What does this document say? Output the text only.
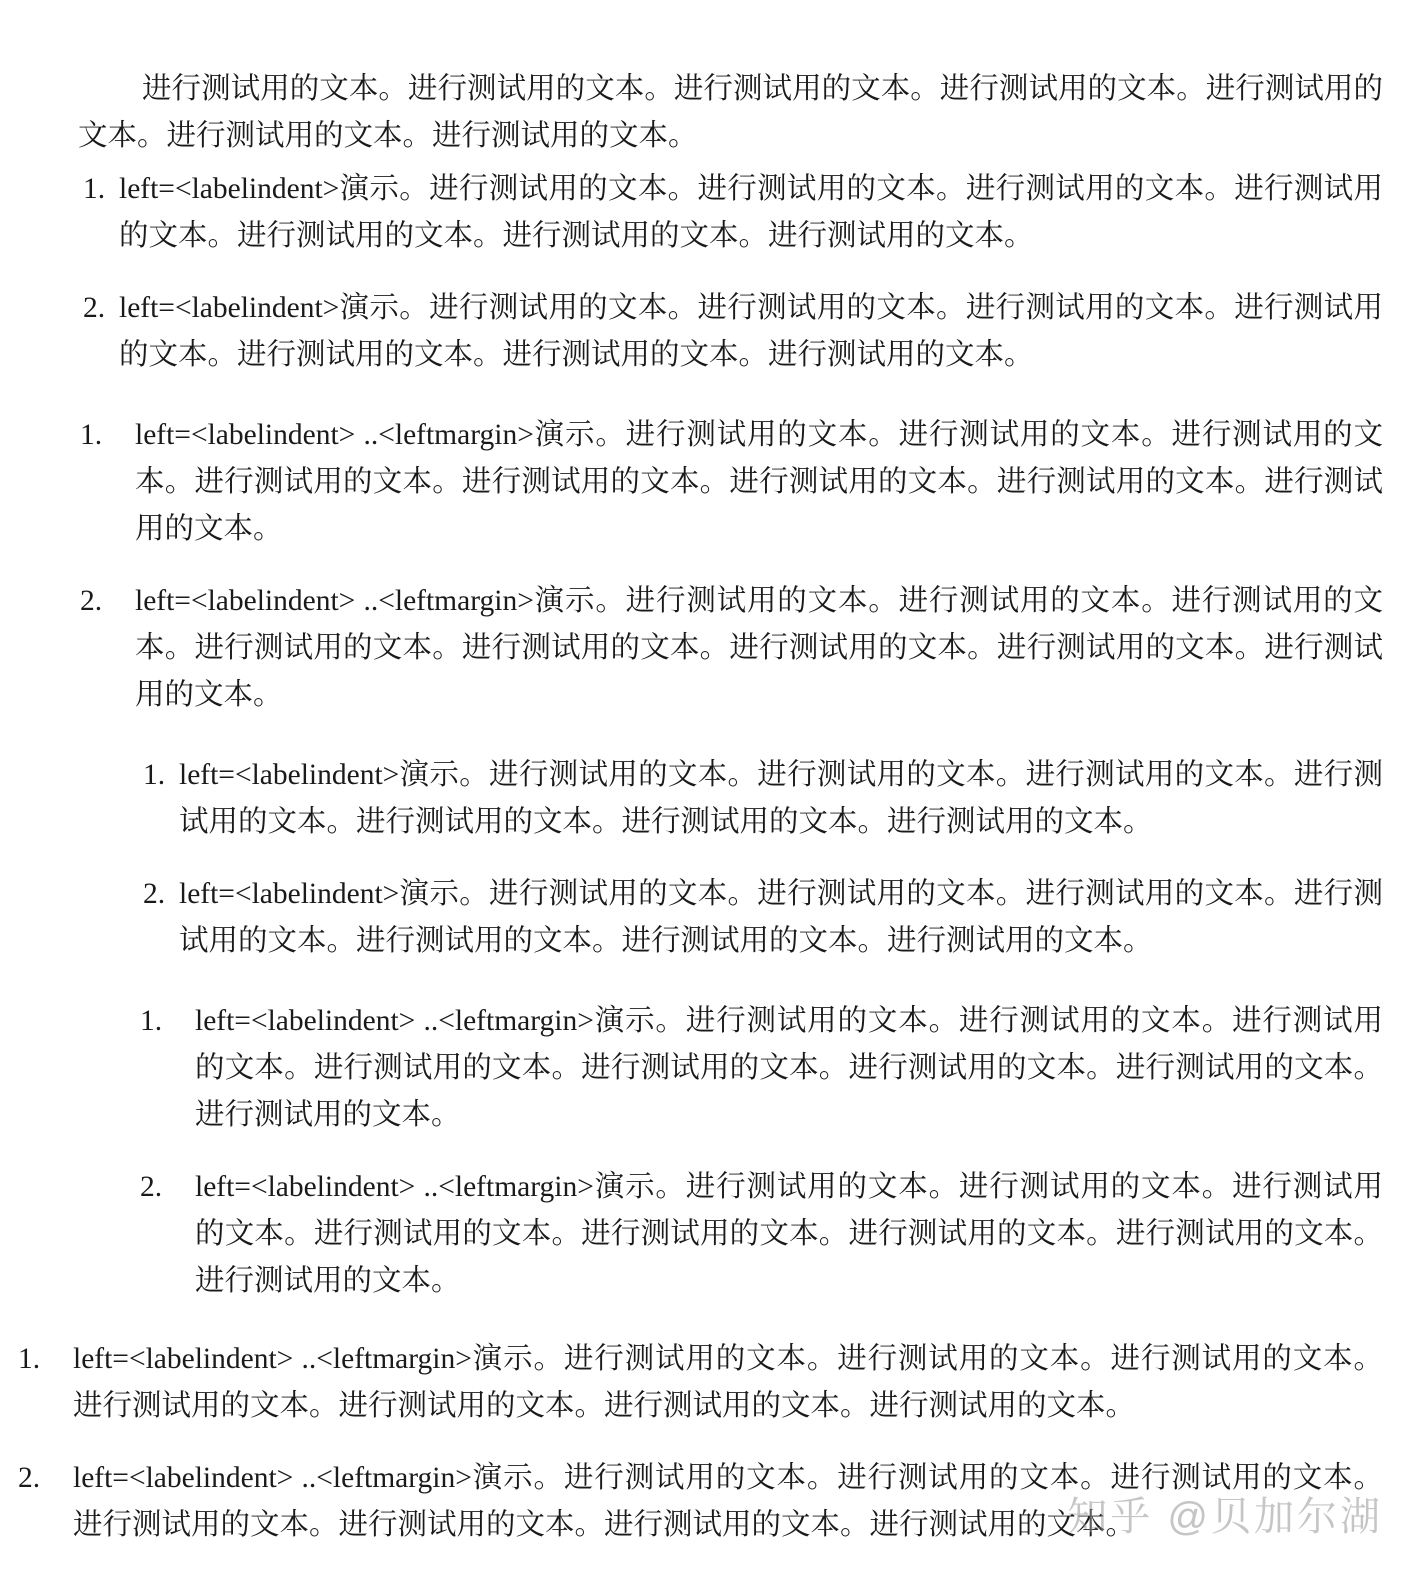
进行测试用的文本。进行测试用的文本。进行测试用的文本。进行测试用的文本。进行测试用的文本。进行测试用的文本。进行测试用的文本。

1. left=<labelindent>演示。进行测试用的文本。进行测试用的文本。进行测试用的文本。进行测试用的文本。进行测试用的文本。进行测试用的文本。进行测试用的文本。
2. left=<labelindent>演示。进行测试用的文本。进行测试用的文本。进行测试用的文本。进行测试用的文本。进行测试用的文本。进行测试用的文本。进行测试用的文本。
1.	left=<labelindent> ..<leftmargin>演示。进行测试用的文本。进行测试用的文本。进行测试用的文本。进行测试用的文本。进行测试用的文本。进行测试用的文本。进行测试用的文本。进行测试用的文本。
2.	left=<labelindent> ..<leftmargin>演示。进行测试用的文本。进行测试用的文本。进行测试用的文本。进行测试用的文本。进行测试用的文本。进行测试用的文本。进行测试用的文本。进行测试用的文本。
1. left=<labelindent>演示。进行测试用的文本。进行测试用的文本。进行测试用的文本。进行测试用的文本。进行测试用的文本。进行测试用的文本。进行测试用的文本。
2. left=<labelindent>演示。进行测试用的文本。进行测试用的文本。进行测试用的文本。进行测试用的文本。进行测试用的文本。进行测试用的文本。进行测试用的文本。
1.	left=<labelindent> ..<leftmargin>演示。进行测试用的文本。进行测试用的文本。进行测试用的文本。进行测试用的文本。进行测试用的文本。进行测试用的文本。进行测试用的文本。进行测试用的文本。
2.	left=<labelindent> ..<leftmargin>演示。进行测试用的文本。进行测试用的文本。进行测试用的文本。进行测试用的文本。进行测试用的文本。进行测试用的文本。进行测试用的文本。进行测试用的文本。
1.	left=<labelindent> ..<leftmargin>演示。进行测试用的文本。进行测试用的文本。进行测试用的文本。进行测试用的文本。进行测试用的文本。进行测试用的文本。进行测试用的文本。
2.	left=<labelindent> ..<leftmargin>演示。进行测试用的文本。进行测试用的文本。进行测试用的文本。进行测试用的文本。进行测试用的文本。进行测试用的文本。进行测试用的文本。
知乎 @贝加尔湖
